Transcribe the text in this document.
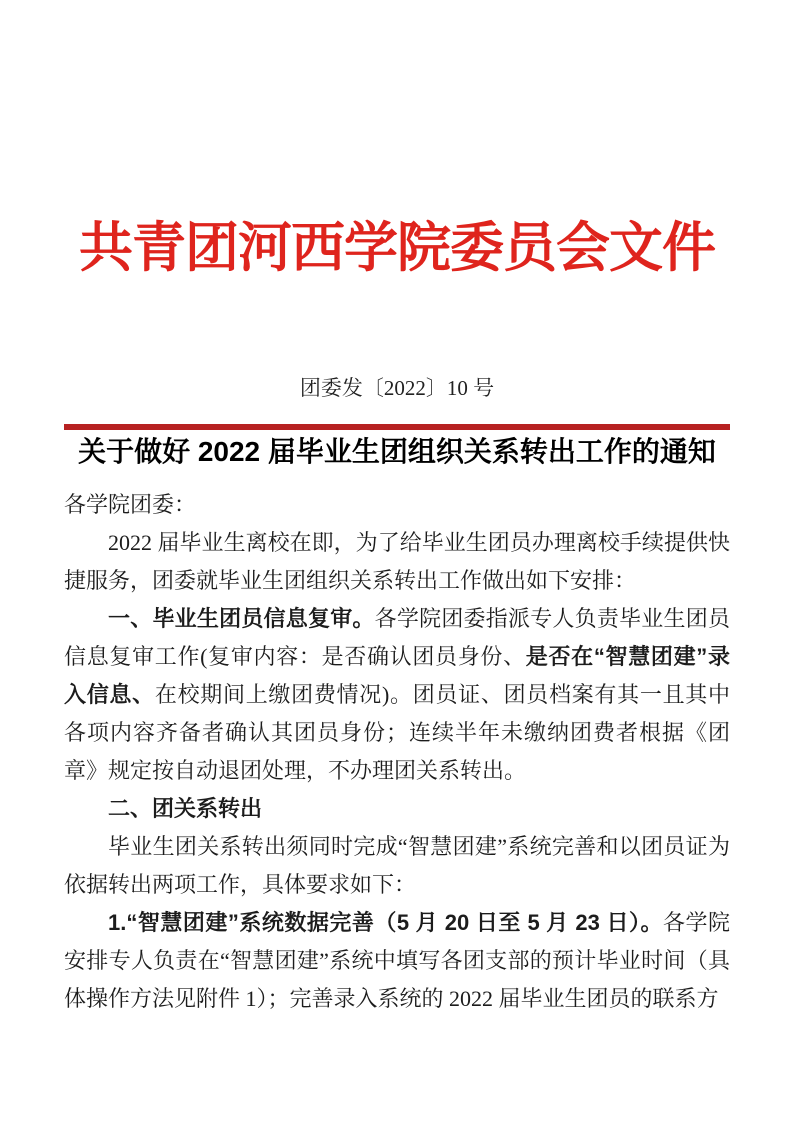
共青团河西学院委员会文件
团委发〔2022〕10 号
关于做好 2022 届毕业生团组织关系转出工作的通知

各学院团委：

2022 届毕业生离校在即，为了给毕业生团员办理离校手续提供快捷服务，团委就毕业生团组织关系转出工作做出如下安排：

一、毕业生团员信息复审。各学院团委指派专人负责毕业生团员信息复审工作(复审内容：是否确认团员身份、是否在“智慧团建”录入信息、在校期间上缴团费情况)。团员证、团员档案有其一且其中各项内容齐备者确认其团员身份；连续半年未缴纳团费者根据《团章》规定按自动退团处理，不办理团关系转出。

二、团关系转出

毕业生团关系转出须同时完成“智慧团建”系统完善和以团员证为依据转出两项工作，具体要求如下：

1.“智慧团建”系统数据完善（5 月 20 日至 5 月 23 日）。各学院安排专人负责在“智慧团建”系统中填写各团支部的预计毕业时间（具体操作方法见附件 1）；完善录入系统的 2022 届毕业生团员的联系方
